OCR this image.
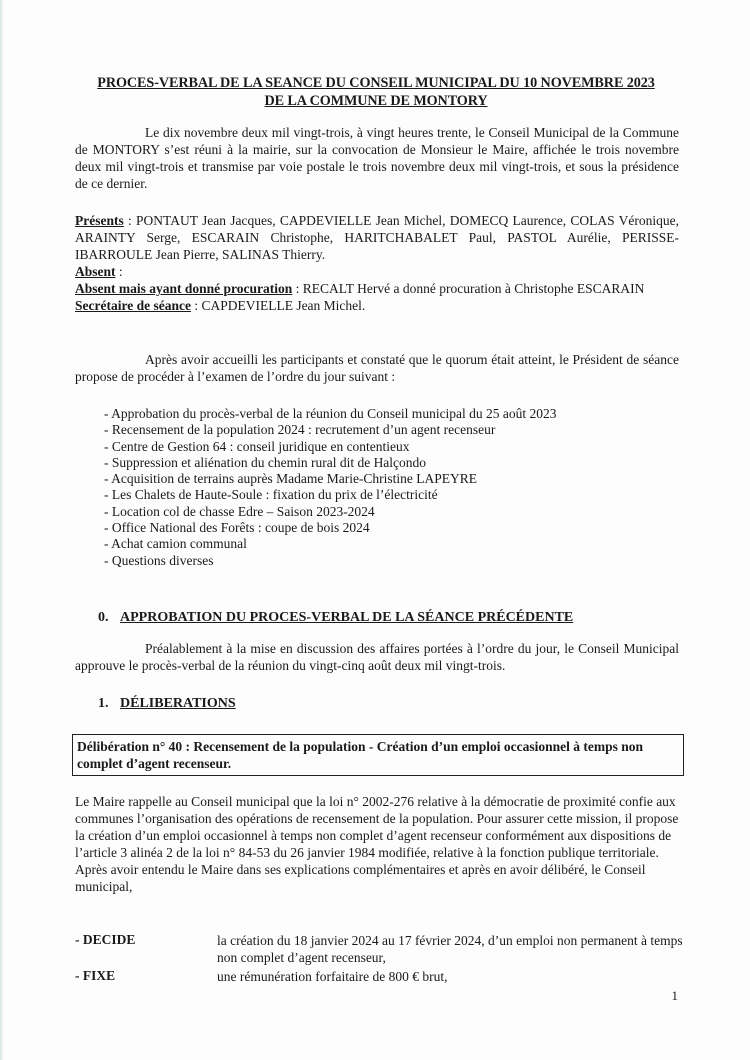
PROCES-VERBAL DE LA SEANCE DU CONSEIL MUNICIPAL DU 10 NOVEMBRE 2023
DE LA COMMUNE DE MONTORY
Le dix novembre deux mil vingt-trois, à vingt heures trente, le Conseil Municipal de la Commune de MONTORY s’est réuni à la mairie, sur la convocation de Monsieur le Maire, affichée le trois novembre deux mil vingt-trois et transmise par voie postale le trois novembre deux mil vingt-trois, et sous la présidence de ce dernier.

Présents : PONTAUT Jean Jacques, CAPDEVIELLE Jean Michel, DOMECQ Laurence, COLAS Véronique, ARAINTY Serge, ESCARAIN Christophe, HARITCHABALET Paul, PASTOL Aurélie, PERISSE-IBARROULE Jean Pierre, SALINAS Thierry.

Absent :

Absent mais ayant donné procuration : RECALT Hervé a donné procuration à Christophe ESCARAIN

Secrétaire de séance : CAPDEVIELLE Jean Michel.

Après avoir accueilli les participants et constaté que le quorum était atteint, le Président de séance propose de procéder à l’examen de l’ordre du jour suivant :
- Approbation du procès-verbal de la réunion du Conseil municipal du 25 août 2023
- Recensement de la population 2024 : recrutement d’un agent recenseur
- Centre de Gestion 64 : conseil juridique en contentieux
- Suppression et aliénation du chemin rural dit de Halçondo
- Acquisition de terrains auprès Madame Marie-Christine LAPEYRE
- Les Chalets de Haute-Soule : fixation du prix de l’électricité
- Location col de chasse Edre – Saison 2023-2024
- Office National des Forêts : coupe de bois 2024
- Achat camion communal
- Questions diverses
0. APPROBATION DU PROCES-VERBAL DE LA SÉANCE PRÉCÉDENTE
Préalablement à la mise en discussion des affaires portées à l’ordre du jour, le Conseil Municipal approuve le procès-verbal de la réunion du vingt-cinq août deux mil vingt-trois.
1. DÉLIBERATIONS
Délibération n° 40 : Recensement de la population - Création d’un emploi occasionnel à temps non complet d’agent recenseur.
Le Maire rappelle au Conseil municipal que la loi n° 2002-276 relative à la démocratie de proximité confie aux communes l’organisation des opérations de recensement de la population. Pour assurer cette mission, il propose la création d’un emploi occasionnel à temps non complet d’agent recenseur conformément aux dispositions de l’article 3 alinéa 2 de la loi n° 84-53 du 26 janvier 1984 modifiée, relative à la fonction publique territoriale. Après avoir entendu le Maire dans ses explications complémentaires et après en avoir délibéré, le Conseil municipal,
- DECIDE	la création du 18 janvier 2024 au 17 février 2024, d’un emploi non permanent à temps non complet d’agent recenseur,
- FIXE	une rémunération forfaitaire de 800 € brut,
1
